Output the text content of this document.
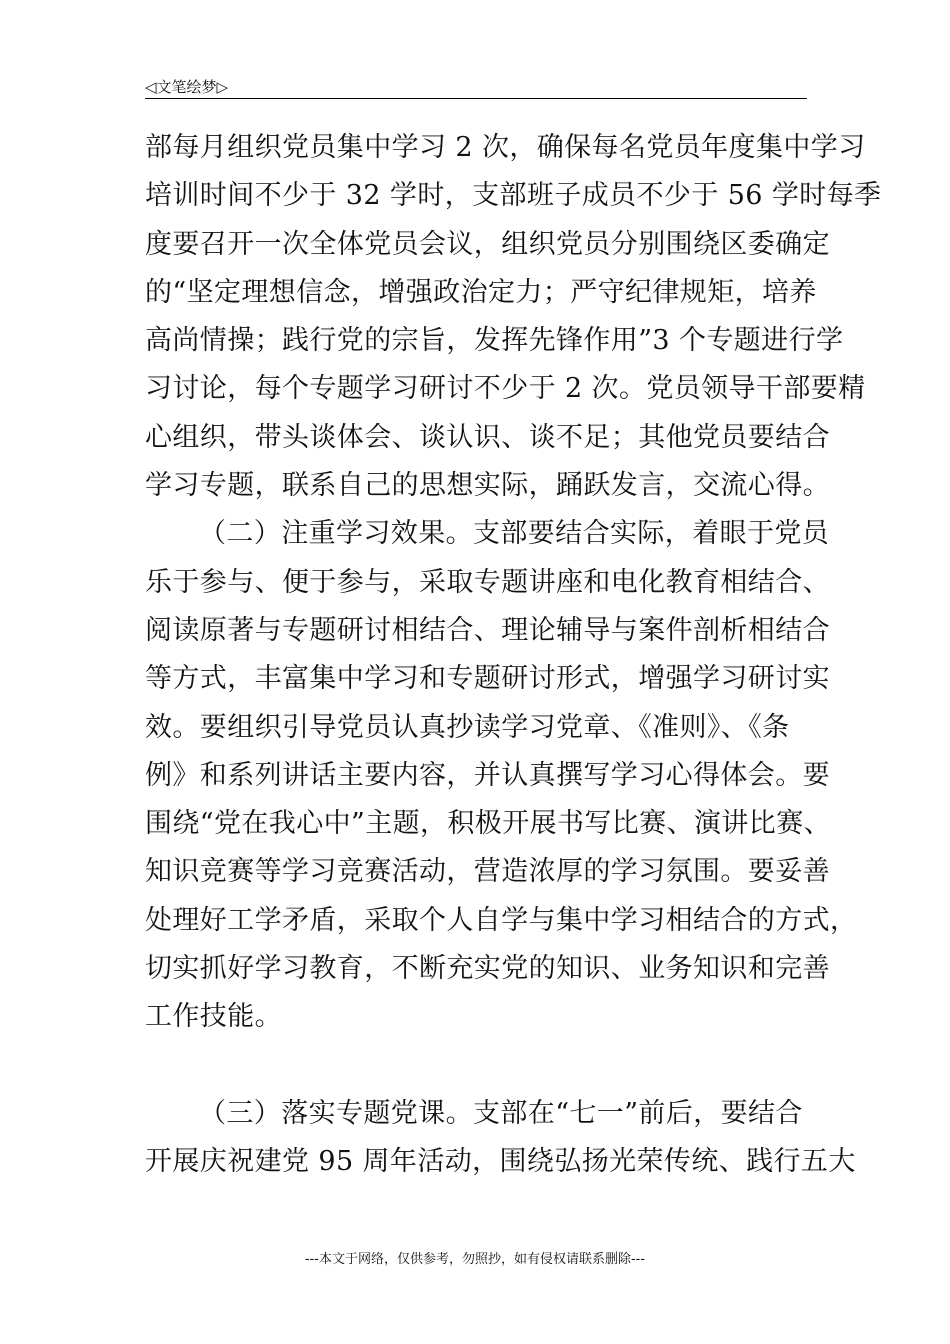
◁文笔绘梦▷
部每月组织党员集中学习 2 次，确保每名党员年度集中学习
培训时间不少于 32 学时，支部班子成员不少于 56 学时每季
度要召开一次全体党员会议，组织党员分别围绕区委确定
的“坚定理想信念，增强政治定力；严守纪律规矩，培养
高尚情操；践行党的宗旨，发挥先锋作用”3 个专题进行学
习讨论，每个专题学习研讨不少于 2 次。党员领导干部要精
心组织，带头谈体会、谈认识、谈不足；其他党员要结合
学习专题，联系自己的思想实际，踊跃发言，交流心得。
（二）注重学习效果。支部要结合实际，着眼于党员
乐于参与、便于参与，采取专题讲座和电化教育相结合、
阅读原著与专题研讨相结合、理论辅导与案件剖析相结合
等方式，丰富集中学习和专题研讨形式，增强学习研讨实
效。要组织引导党员认真抄读学习党章、《准则》、《条
例》和系列讲话主要内容，并认真撰写学习心得体会。要
围绕“党在我心中”主题，积极开展书写比赛、演讲比赛、
知识竞赛等学习竞赛活动，营造浓厚的学习氛围。要妥善
处理好工学矛盾，采取个人自学与集中学习相结合的方式，
切实抓好学习教育，不断充实党的知识、业务知识和完善
工作技能。
（三）落实专题党课。支部在“七一”前后，要结合
开展庆祝建党 95 周年活动，围绕弘扬光荣传统、践行五大
---本文于网络，仅供参考，勿照抄，如有侵权请联系删除---
